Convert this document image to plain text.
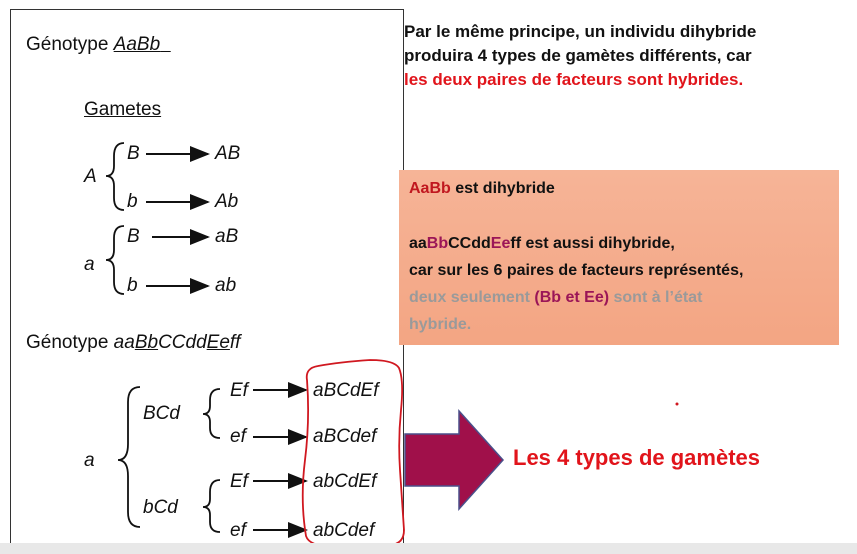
Génotype AaBb
Gametes
A
a
B
b
B
b
AB
Ab
aB
ab
Génotype aaBbCCddEeff
a
BCd
bCd
Ef
ef
Ef
ef
aBCdEf
aBCdef
abCdEf
abCdef
Par le même principe, un individu dihybride
produira 4 types de gamètes différents, car
les deux paires de facteurs sont hybrides.
AaBb est dihybride
aaBbCCddEeff est aussi dihybride,
car sur les 6 paires de facteurs représentés,
deux seulement (Bb et Ee) sont à l’état
hybride.
Les 4 types de gamètes
